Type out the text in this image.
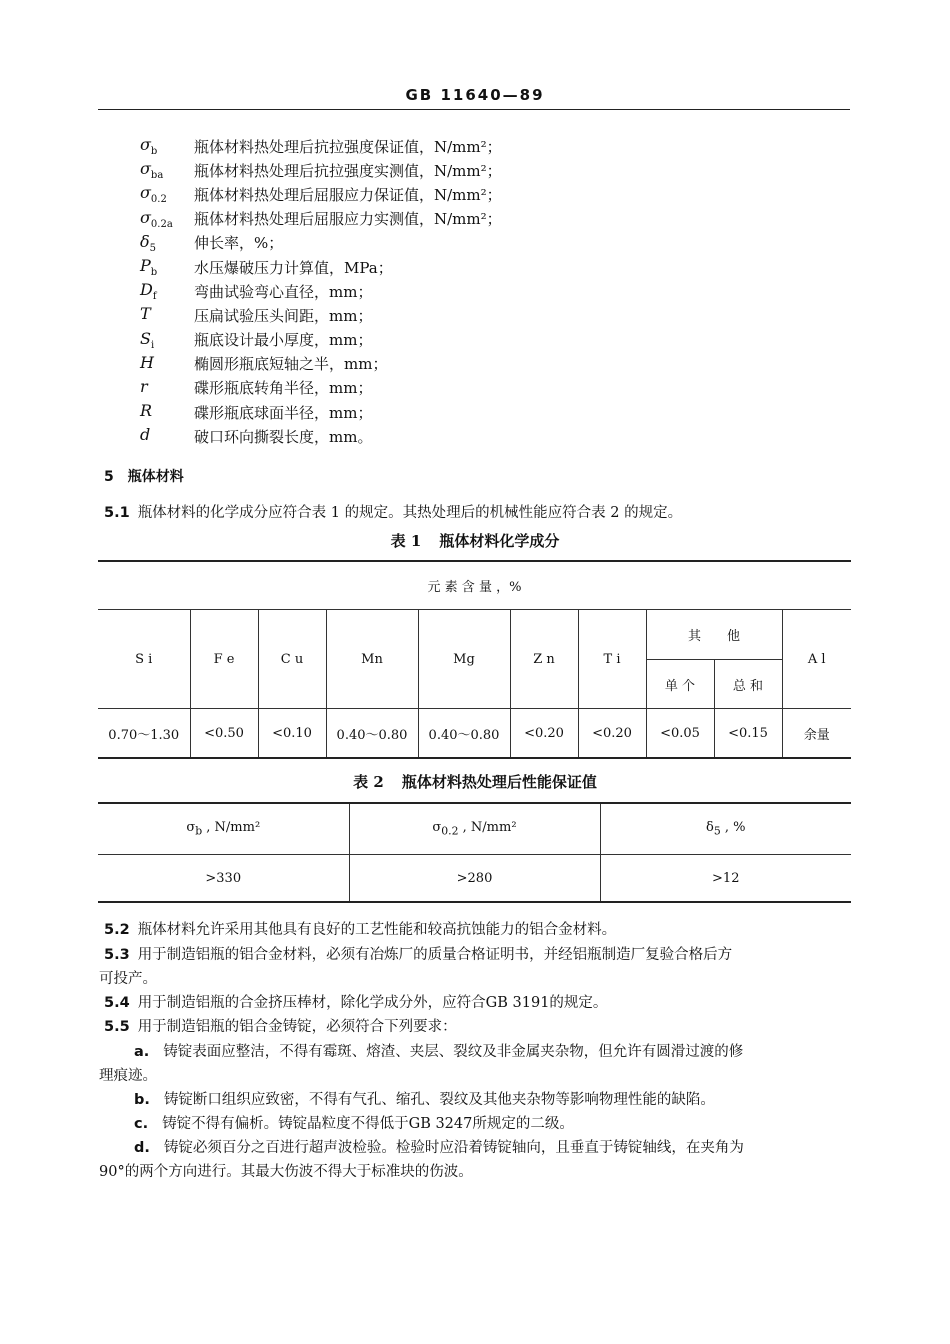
GB 11640—89
$\sigma_b$	瓶体材料热处理后抗拉强度保证值，N/mm²；
$\sigma_{ba}$	瓶体材料热处理后抗拉强度实测值，N/mm²；
$\sigma_{0.2}$	瓶体材料热处理后屈服应力保证值，N/mm²；
$\sigma_{0.2a}$	瓶体材料热处理后屈服应力实测值，N/mm²；
$\delta_5$	伸长率，%；
$P_b$	水压爆破压力计算值，MPa；
$D_f$	弯曲试验弯心直径，mm；
T	压扁试验压头间距，mm；
$S_i$	瓶底设计最小厚度，mm；
H	椭圆形瓶底短轴之半，mm；
r	碟形瓶底转角半径，mm；
R	碟形瓶底球面半径，mm；
d	破口环向撕裂长度，mm。
5 瓶体材料
5.1 瓶体材料的化学成分应符合表 1 的规定。其热处理后的机械性能应符合表 2 的规定。
表 1 瓶体材料化学成分
元 素 含 量 ，%									
S i	F e	C u	Mn	Mg	Z n	T i	其　　他		A l
							单 个	总 和	
0.70～1.30	<0.50	<0.10	0.40～0.80	0.40～0.80	<0.20	<0.20	<0.05	<0.15	余量
表 2 瓶体材料热处理后性能保证值
$\sigma_b$ , N/mm²	$\sigma_{0.2}$ , N/mm²	$\delta_5$ , %
>330	>280	>12
5.2 瓶体材料允许采用其他具有良好的工艺性能和较高抗蚀能力的铝合金材料。
5.3 用于制造铝瓶的铝合金材料，必须有冶炼厂的质量合格证明书，并经铝瓶制造厂复验合格后方
可投产。
5.4 用于制造铝瓶的合金挤压棒材，除化学成分外，应符合GB 3191的规定。
5.5 用于制造铝瓶的铝合金铸锭，必须符合下列要求：
a. 铸锭表面应整洁，不得有霉斑、熔渣、夹层、裂纹及非金属夹杂物，但允许有圆滑过渡的修
理痕迹。
b. 铸锭断口组织应致密，不得有气孔、缩孔、裂纹及其他夹杂物等影响物理性能的缺陷。
c. 铸锭不得有偏析。铸锭晶粒度不得低于GB 3247所规定的二级。
d. 铸锭必须百分之百进行超声波检验。检验时应沿着铸锭轴向，且垂直于铸锭轴线，在夹角为
90°的两个方向进行。其最大伤波不得大于标准块的伤波。
